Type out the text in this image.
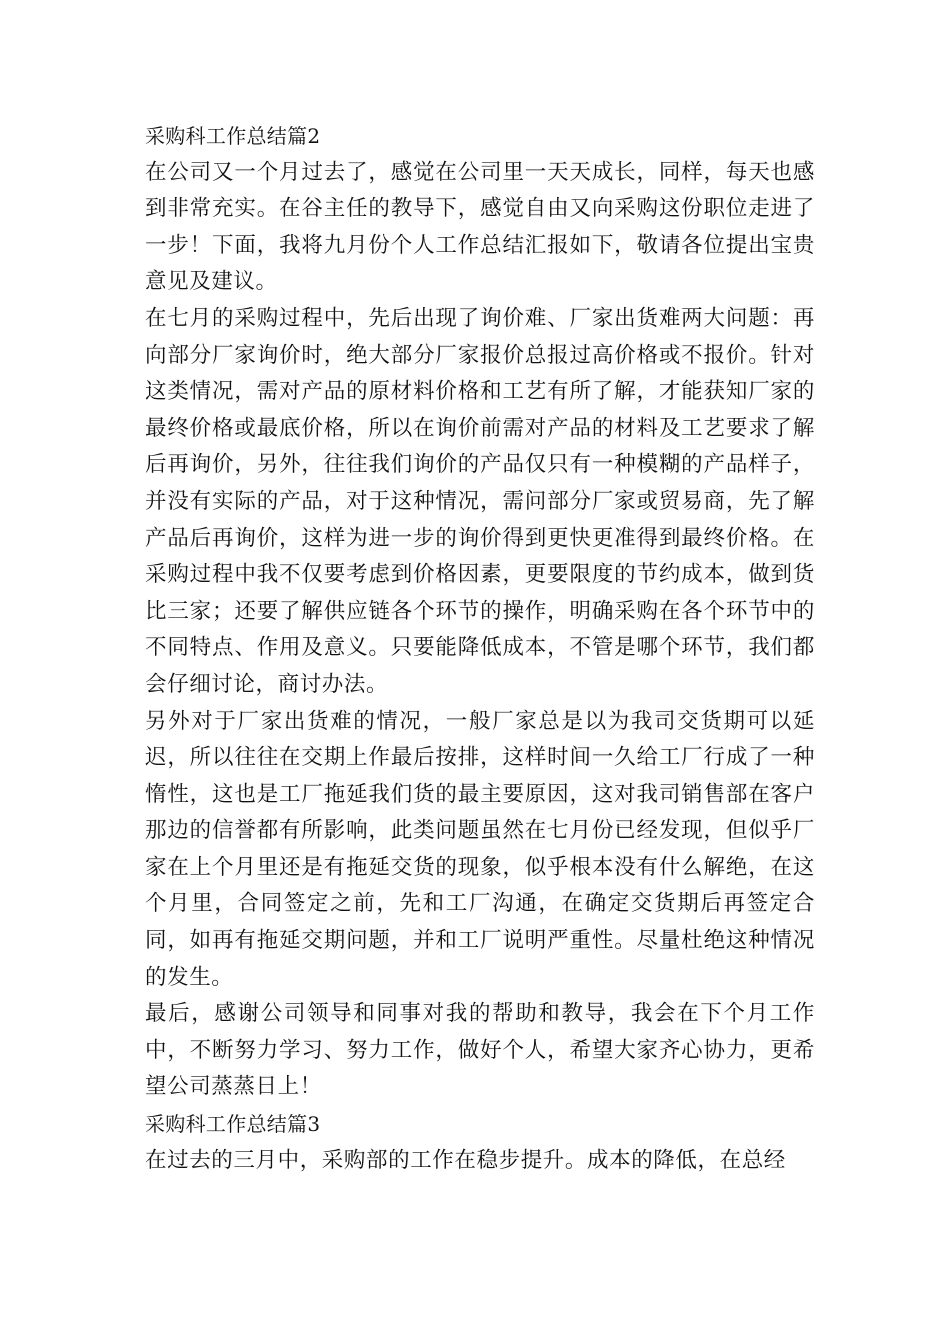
采购科工作总结篇2

在公司又一个月过去了，感觉在公司里一天天成长，同样，每天也感到非常充实。在谷主任的教导下，感觉自由又向采购这份职位走进了一步！下面，我将九月份个人工作总结汇报如下，敬请各位提出宝贵意见及建议。

在七月的采购过程中，先后出现了询价难、厂家出货难两大问题：再向部分厂家询价时，绝大部分厂家报价总报过高价格或不报价。针对这类情况，需对产品的原材料价格和工艺有所了解，才能获知厂家的最终价格或最底价格，所以在询价前需对产品的材料及工艺要求了解后再询价，另外，往往我们询价的产品仅只有一种模糊的产品样子，并没有实际的产品，对于这种情况，需问部分厂家或贸易商，先了解产品后再询价，这样为进一步的询价得到更快更准得到最终价格。在采购过程中我不仅要考虑到价格因素，更要限度的节约成本，做到货比三家；还要了解供应链各个环节的操作，明确采购在各个环节中的不同特点、作用及意义。只要能降低成本，不管是哪个环节，我们都会仔细讨论，商讨办法。

另外对于厂家出货难的情况，一般厂家总是以为我司交货期可以延迟，所以往往在交期上作最后按排，这样时间一久给工厂行成了一种惰性，这也是工厂拖延我们货的最主要原因，这对我司销售部在客户那边的信誉都有所影响，此类问题虽然在七月份已经发现，但似乎厂家在上个月里还是有拖延交货的现象，似乎根本没有什么解绝，在这个月里，合同签定之前，先和工厂沟通，在确定交货期后再签定合同，如再有拖延交期问题，并和工厂说明严重性。尽量杜绝这种情况的发生。

最后，感谢公司领导和同事对我的帮助和教导，我会在下个月工作中，不断努力学习、努力工作，做好个人，希望大家齐心协力，更希望公司蒸蒸日上！

采购科工作总结篇3

在过去的三月中，采购部的工作在稳步提升。成本的降低，在总经
